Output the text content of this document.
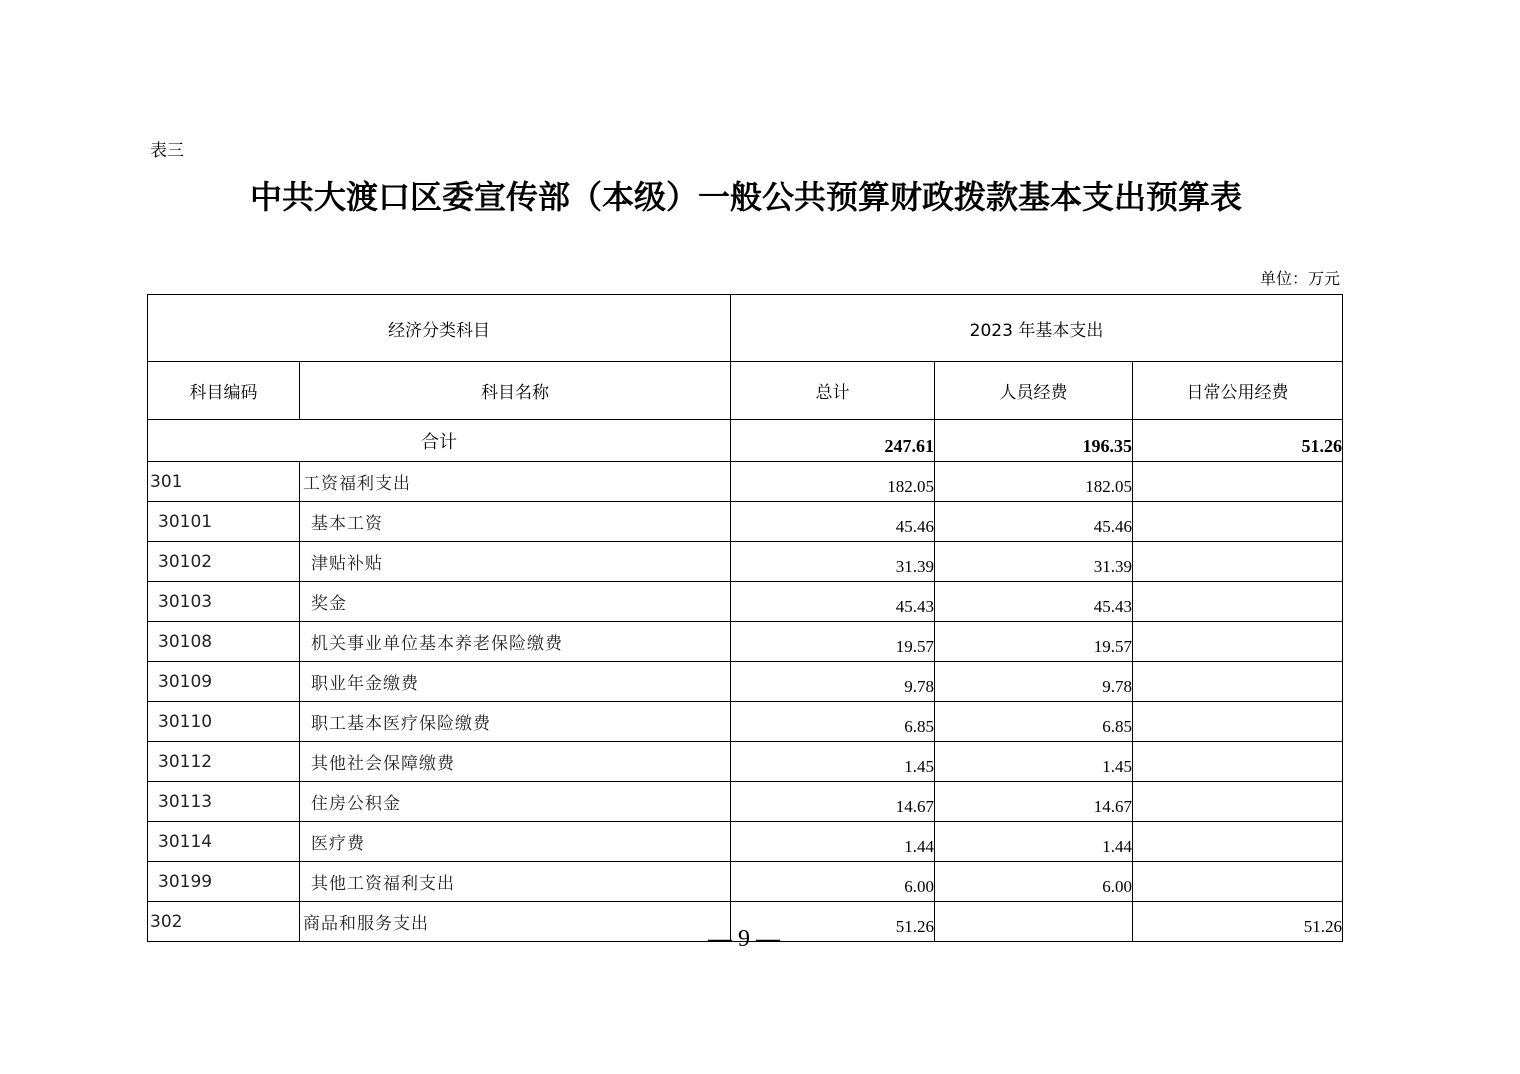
表三
中共大渡口区委宣传部（本级）一般公共预算财政拨款基本支出预算表
单位：万元
经济分类科目		2023 年基本支出		
科目编码	科目名称	总计	人员经费	日常公用经费
合计		247.61	196.35	51.26
301	工资福利支出	182.05	182.05	
30101	基本工资	45.46	45.46	
30102	津贴补贴	31.39	31.39	
30103	奖金	45.43	45.43	
30108	机关事业单位基本养老保险缴费	19.57	19.57	
30109	职业年金缴费	9.78	9.78	
30110	职工基本医疗保险缴费	6.85	6.85	
30112	其他社会保障缴费	1.45	1.45	
30113	住房公积金	14.67	14.67	
30114	医疗费	1.44	1.44	
30199	其他工资福利支出	6.00	6.00	
302	商品和服务支出	51.26		51.26
— 9 —
